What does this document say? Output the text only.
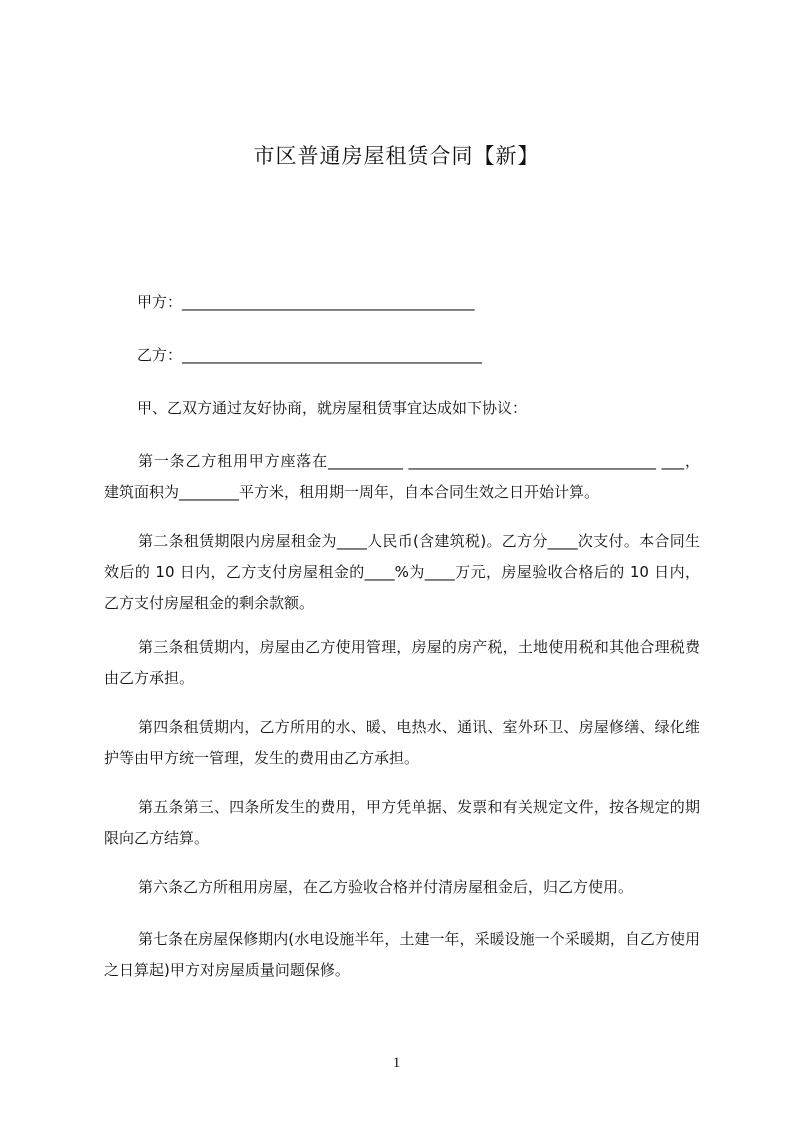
市区普通房屋租赁合同【新】
甲方：_______________________________________
乙方：________________________________________
甲、乙双方通过友好协商，就房屋租赁事宜达成如下协议：

第一条乙方租用甲方座落在__________ _________________________________ ___，建筑面积为________平方米，租用期一周年，自本合同生效之日开始计算。

第二条租赁期限内房屋租金为____人民币(含建筑税)。乙方分____次支付。本合同生效后的 10 日内，乙方支付房屋租金的____%为____万元，房屋验收合格后的 10 日内，乙方支付房屋租金的剩余款额。

第三条租赁期内，房屋由乙方使用管理，房屋的房产税，土地使用税和其他合理税费由乙方承担。

第四条租赁期内，乙方所用的水、暖、电热水、通讯、室外环卫、房屋修缮、绿化维护等由甲方统一管理，发生的费用由乙方承担。

第五条第三、四条所发生的费用，甲方凭单据、发票和有关规定文件，按各规定的期限向乙方结算。

第六条乙方所租用房屋，在乙方验收合格并付清房屋租金后，归乙方使用。

第七条在房屋保修期内(水电设施半年，土建一年，采暖设施一个采暖期，自乙方使用之日算起)甲方对房屋质量问题保修。

1
